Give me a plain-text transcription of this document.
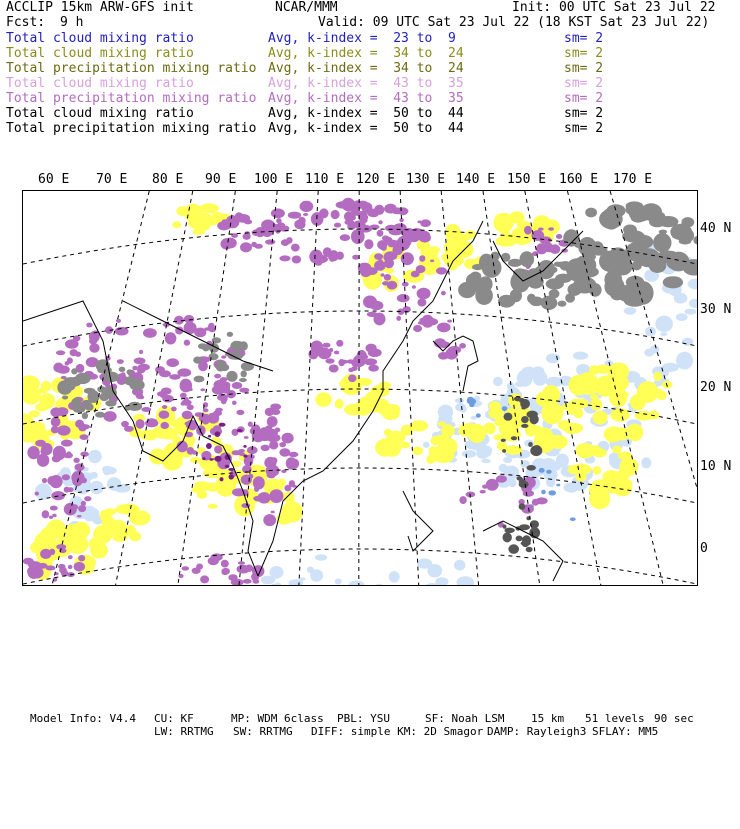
ACCLIP 15km ARW-GFS init	NCAR/MMM	Init: 00 UTC Sat 23 Jul 22
Fcst: 9 h	Valid: 09 UTC Sat 23 Jul 22 (18 KST Sat 23 Jul 22)
Total cloud mixing ratio	Avg, k-index =  23 to  9	sm= 2
Total cloud mixing ratio	Avg, k-index =  34 to  24	sm= 2
Total precipitation mixing ratio Avg, k-index =  34 to  24	sm= 2
Total cloud mixing ratio	Avg, k-index =  43 to  35	sm= 2
Total precipitation mixing ratio Avg, k-index =  43 to  35	sm= 2
Total cloud mixing ratio	Avg, k-index =  50 to  44	sm= 2
Total precipitation mixing ratio Avg, k-index =  50 to  44	sm= 2
60 E 70 E 80 E 90 E 100 E 110 E 120 E 130 E 140 E 150 E 160 E 170 E
40 N
30 N
20 N
10 N
0

Model Info: V4.4

CU: KF

	MP: WDM 6class

PBL: YSU

	SF: Noah LSM

15 km

51 levels

90 sec

LW: RRTMG

SW: RRTMG

DIFF: simple KM: 2D Smagor

DAMP: Rayleigh3

SFLAY: MM5
